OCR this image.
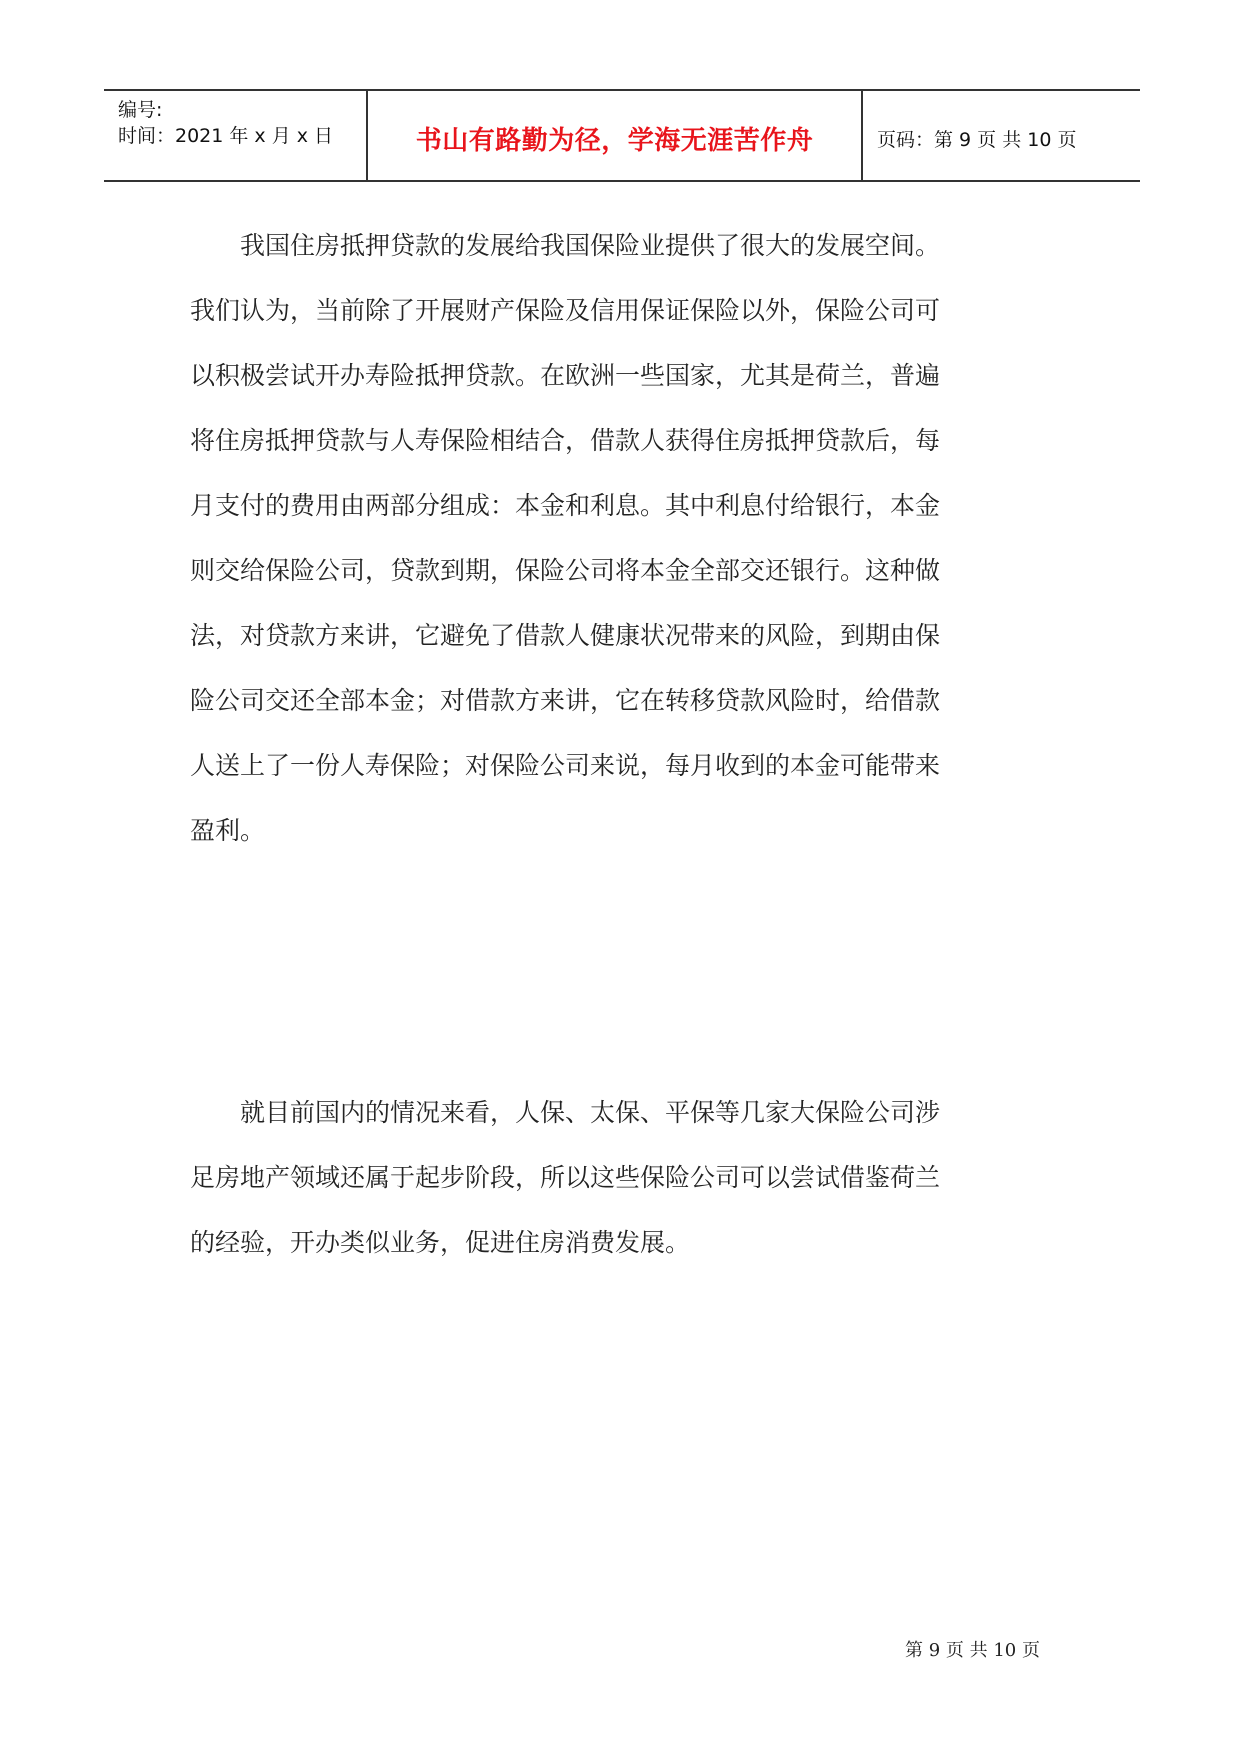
编号:
时间：2021 年 x 月 x 日	书山有路勤为径，学海无涯苦作舟	页码：第 9 页 共 10 页
我国住房抵押贷款的发展给我国保险业提供了很大的发展空间。
我们认为，当前除了开展财产保险及信用保证保险以外，保险公司可
以积极尝试开办寿险抵押贷款。在欧洲一些国家，尤其是荷兰，普遍
将住房抵押贷款与人寿保险相结合，借款人获得住房抵押贷款后，每
月支付的费用由两部分组成：本金和利息。其中利息付给银行，本金
则交给保险公司，贷款到期，保险公司将本金全部交还银行。这种做
法，对贷款方来讲，它避免了借款人健康状况带来的风险，到期由保
险公司交还全部本金；对借款方来讲，它在转移贷款风险时，给借款
人送上了一份人寿保险；对保险公司来说，每月收到的本金可能带来
盈利。
就目前国内的情况来看，人保、太保、平保等几家大保险公司涉
足房地产领域还属于起步阶段，所以这些保险公司可以尝试借鉴荷兰
的经验，开办类似业务，促进住房消费发展。
第 9 页 共 10 页
